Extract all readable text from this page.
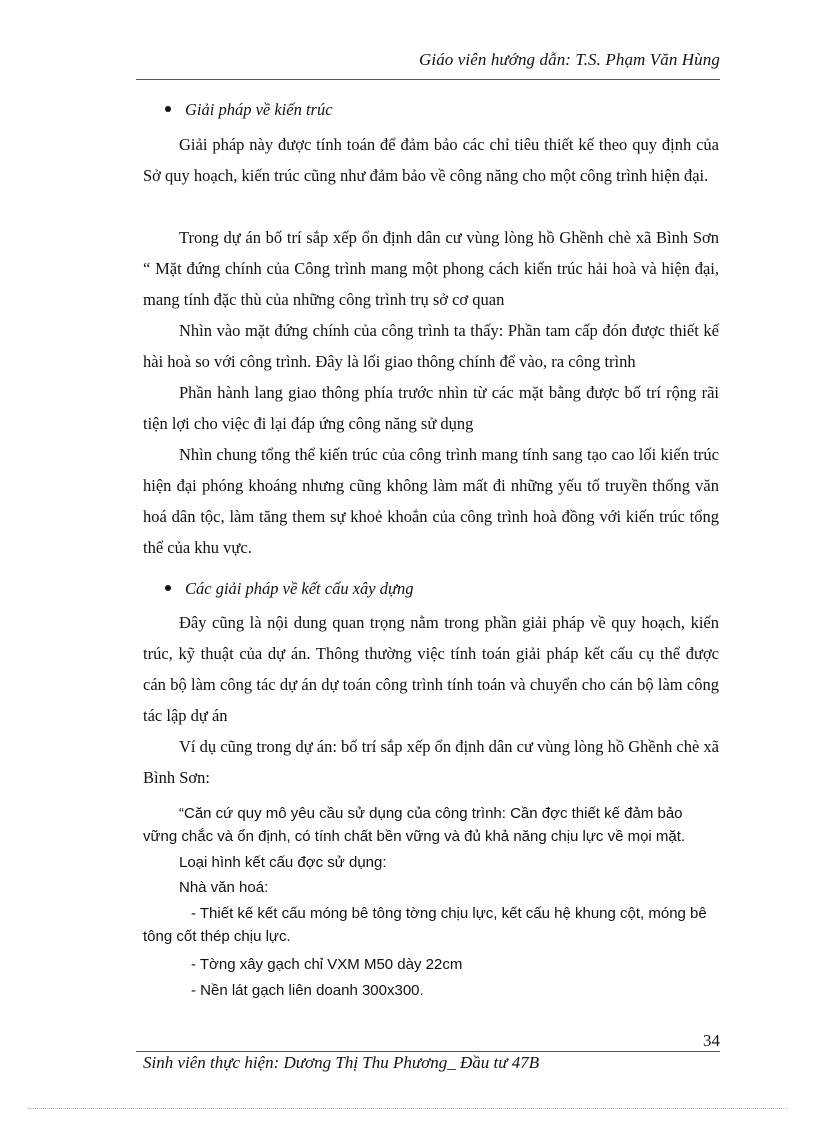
Giáo viên hướng dẫn: T.S. Phạm Văn Hùng
Giải pháp về kiến trúc

Giải pháp này được tính toán để đảm bảo các chỉ tiêu thiết kế theo quy định của Sở quy hoạch, kiến trúc cũng như đảm bảo về công năng cho một công trình hiện đại.

Trong dự án bố trí sắp xếp ổn định dân cư vùng lòng hồ Ghềnh chè xã Bình Sơn “ Mặt đứng chính của Công trình mang một phong cách kiến trúc hải hoà và hiện đại, mang tính đặc thù của những công trình trụ sở cơ quan

Nhìn vào mặt đứng chính của công trình ta thấy: Phần tam cấp đón được thiết kế hài hoà so với công trình. Đây là lối giao thông chính để vào, ra công trình

Phần hành lang giao thông phía trước nhìn từ các mặt bằng được bố trí rộng rãi tiện lợi cho việc đi lại đáp ứng công năng sử dụng

Nhìn chung tổng thể kiến trúc của công trình mang tính sang tạo cao lối kiến trúc hiện đại phóng khoáng nhưng cũng không làm mất đi những yếu tố truyền thống văn hoá dân tộc, làm tăng them sự khoẻ khoắn của công trình hoà đồng với kiến trúc tổng thể của khu vực.

Các giải pháp về kết cấu xây dựng

Đây cũng là nội dung quan trọng nằm trong phần giải pháp về quy hoạch, kiến trúc, kỹ thuật của dự án. Thông thường việc tính toán giải pháp kết cấu cụ thể được cán bộ làm công tác dự án dự toán công trình tính toán và chuyển cho cán bộ làm công tác lập dự án

Ví dụ cũng trong dự án: bố trí sắp xếp ổn định dân cư vùng lòng hồ Ghềnh chè xã Bình Sơn:

“Căn cứ quy mô yêu cầu sử dụng của công trình: Cần đợc thiết kế đảm bảo vững chắc và ổn định, có tính chất bền vững và đủ khả năng chịu lực về mọi mặt.

Loại hình kết cấu đợc sử dụng:

Nhà văn hoá:

- Thiết kế kết cấu móng bê tông tờng chịu lực, kết cấu hệ khung cột, móng bê tông cốt thép chịu lực.

- Tờng xây gạch chỉ VXM M50 dày 22cm

- Nền lát gạch liên doanh 300x300.

34
Sinh viên thực hiện: Dương Thị Thu Phương_ Đầu tư 47B
